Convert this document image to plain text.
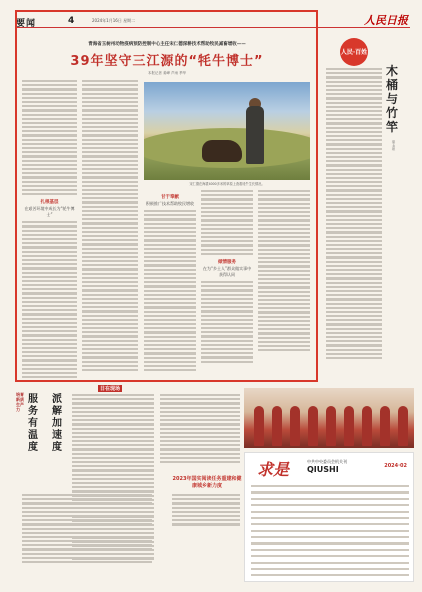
要闻	4	2024年1月16日 星期二	人民日报
青海省玉树州动物疫病预防控制中心主任宋仁德深耕技术帮助牧民减畜增收——
39年坚守三江源的“牦牛博士”
本报记者 姜峰 芦雨 季华

扎根基层

在艰苦环境中成长为“牦牛博士”

宋仁德在海拔4000多米的草原上查看牦牛生长情况。

甘于奉献

积极推广技术帮助牧民增收

倾情服务

在为“乡土人”群众做实事中获得认同

人民·百姓
木桶与竹竿
单玉泉
培育新质生产力
服务有温度
派解加速度
日在现场
2023年国实阅读任务重建和健康城乡新力度
求是	中共中央委员会机关刊
QIUSHI	2024·02
